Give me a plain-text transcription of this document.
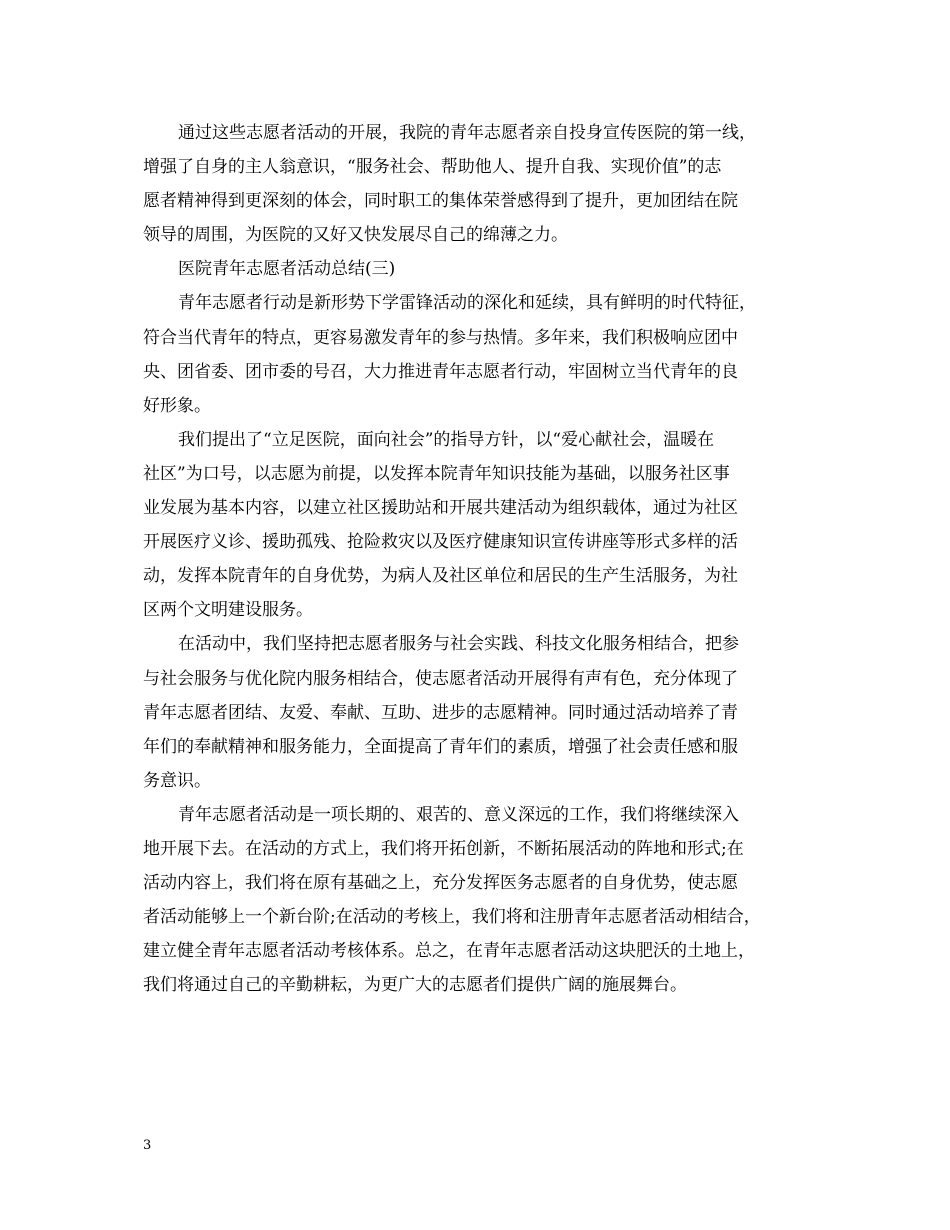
通过这些志愿者活动的开展，我院的青年志愿者亲自投身宣传医院的第一线，
增强了自身的主人翁意识，“服务社会、帮助他人、提升自我、实现价值”的志
愿者精神得到更深刻的体会，同时职工的集体荣誉感得到了提升，更加团结在院
领导的周围，为医院的又好又快发展尽自己的绵薄之力。
医院青年志愿者活动总结(三)
青年志愿者行动是新形势下学雷锋活动的深化和延续，具有鲜明的时代特征，
符合当代青年的特点，更容易激发青年的参与热情。多年来，我们积极响应团中
央、团省委、团市委的号召，大力推进青年志愿者行动，牢固树立当代青年的良
好形象。
我们提出了“立足医院，面向社会”的指导方针，以“爱心献社会，温暖在
社区”为口号，以志愿为前提，以发挥本院青年知识技能为基础，以服务社区事
业发展为基本内容，以建立社区援助站和开展共建活动为组织载体，通过为社区
开展医疗义诊、援助孤残、抢险救灾以及医疗健康知识宣传讲座等形式多样的活
动，发挥本院青年的自身优势，为病人及社区单位和居民的生产生活服务，为社
区两个文明建设服务。
在活动中，我们坚持把志愿者服务与社会实践、科技文化服务相结合，把参
与社会服务与优化院内服务相结合，使志愿者活动开展得有声有色，充分体现了
青年志愿者团结、友爱、奉献、互助、进步的志愿精神。同时通过活动培养了青
年们的奉献精神和服务能力，全面提高了青年们的素质，增强了社会责任感和服
务意识。
青年志愿者活动是一项长期的、艰苦的、意义深远的工作，我们将继续深入
地开展下去。在活动的方式上，我们将开拓创新，不断拓展活动的阵地和形式;在
活动内容上，我们将在原有基础之上，充分发挥医务志愿者的自身优势，使志愿
者活动能够上一个新台阶;在活动的考核上，我们将和注册青年志愿者活动相结合，
建立健全青年志愿者活动考核体系。总之，在青年志愿者活动这块肥沃的土地上，
我们将通过自己的辛勤耕耘，为更广大的志愿者们提供广阔的施展舞台。
3
